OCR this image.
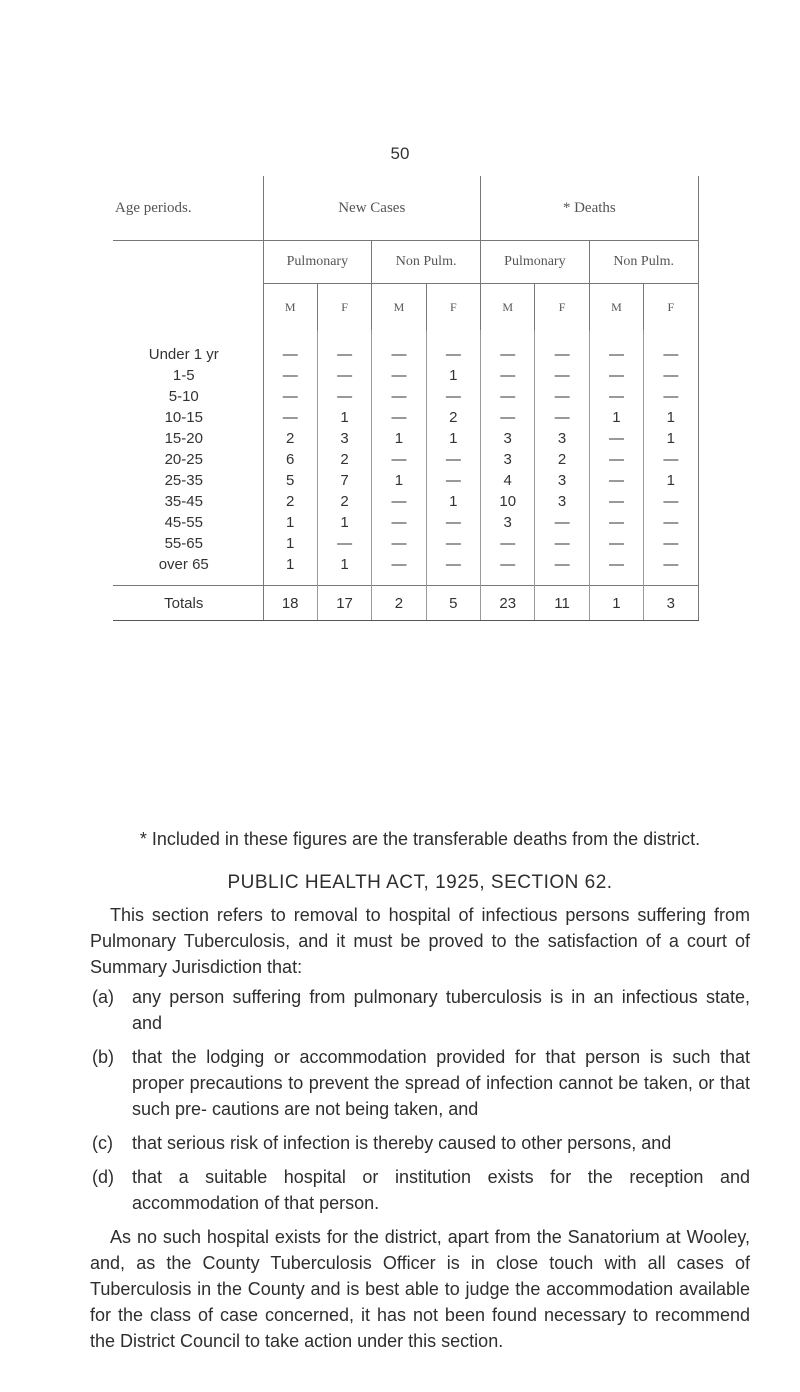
50
Age periods.	New Cases				* Deaths			
	Pulmonary		Non Pulm.		Pulmonary		Non Pulm.	
	M	F	M	F	M	F	M	F
Under 1 yr	—	—	—	—	—	—	—	—
1-5	—	—	—	1	—	—	—	—
5-10	—	—	—	—	—	—	—	—
10-15	—	1	—	2	—	—	1	1
15-20	2	3	1	1	3	3	—	1
20-25	6	2	—	—	3	2	—	—
25-35	5	7	1	—	4	3	—	1
35-45	2	2	—	1	10	3	—	—
45-55	1	1	—	—	3	—	—	—
55-65	1	—	—	—	—	—	—	—
over 65	1	1	—	—	—	—	—	—
Totals	18	17	2	5	23	11	1	3

* Included in these figures are the transferable deaths from the district.

PUBLIC HEALTH ACT, 1925, SECTION 62.

This section refers to removal to hospital of infectious persons suffering from Pulmonary Tuberculosis, and it must be proved to the satisfaction of a court of Summary Jurisdiction that:

(a)	any person suffering from pulmonary tuberculosis is in an infectious state, and
(b)	that the lodging or accommodation provided for that person is such that proper precautions to prevent the spread of infection cannot be taken, or that such pre- cautions are not being taken, and
(c)	that serious risk of infection is thereby caused to other persons, and
(d)	that a suitable hospital or institution exists for the reception and accommodation of that person.

As no such hospital exists for the district, apart from the Sanatorium at Wooley, and, as the County Tuberculosis Officer is in close touch with all cases of Tuberculosis in the County and is best able to judge the accommodation available for the class of case concerned, it has not been found necessary to recommend the District Council to take action under this section.
